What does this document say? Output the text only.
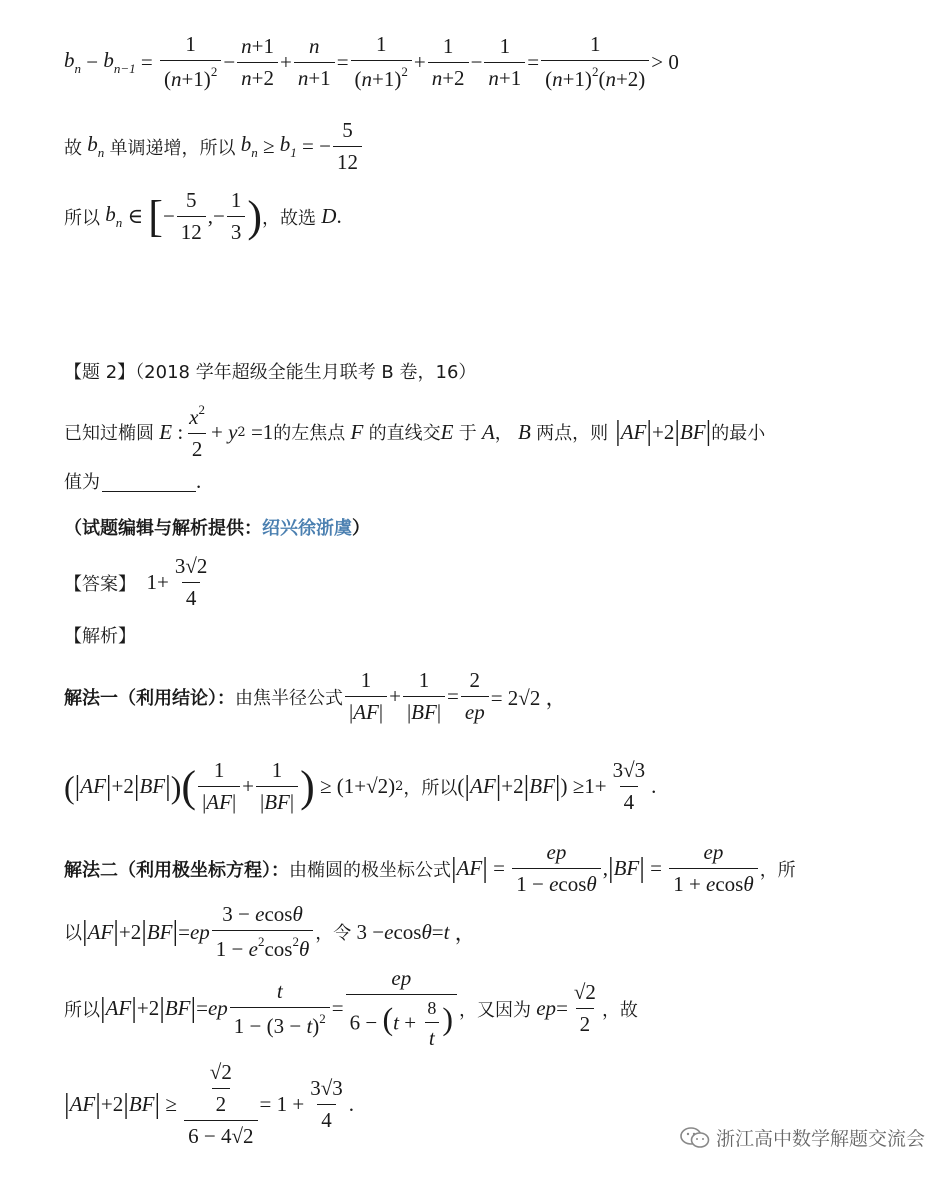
$b_n - b_{n-1} = \frac{1}{(n+1)^2} - \frac{n+1}{n+2} + \frac{n}{n+1} = \frac{1}{(n+1)^2} + \frac{1}{n+2} - \frac{1}{n+1} = \frac{1}{(n+1)^2(n+2)} > 0$
故 $b_n$ 单调递增，所以 $b_n \ge b_1$ = − $\frac{5}{12}$
所以 $b_n$ ∈ [ − $\frac{5}{12}$ ,− $\frac{1}{3}$ ) ，故选
D .
【题 2】（2018 学年超级全能生月联考 B 卷，16）
已知过椭圆 E : $\frac{x^2}{2} + y$ 2 =1 的左焦点 F 的直线交 E 于 A ， B 两点，则 | AF | +2 | BF | 的最小
值为	.
（试题编辑与解析提供： 绍兴徐浙虞 ）
【答案】 $1+ \frac{3√2}{4}$
【解析】
解法一（利用结论）： 由焦半径公式 $\frac{1}{|AF|} + \frac{1}{|BF|} = \frac{2}{ep} = 2√2$ ，
( | AF | +2 | BF | ) ( $\frac{1}{|AF|} + \frac{1}{|BF|}$ ) ≥ (1+√2) 2 ， 所以 ( | AF | +2 | BF | ) $\ge 1+ \frac{3√3}{4}$ .
解法二（利用极坐标方程）： 由椭圆的极坐标公式 | AF | = $\frac{ep}{1 - ecos\theta}$ , | BF | = $\frac{ep}{1 + ecos\theta}$ ，所
以 | AF | +2 | BF | = ep $\frac{3 - ecos\theta}{1 - e^2\cos^2\theta}$ ，令 3 − e cos θ = t ，
所以 | AF | +2 | BF | = ep $\frac{t}{1 - (3 - t)^2} = \frac{ep}{6 - (t + \frac{8}{t} )}$ ，又因为 ep = $\frac{√2}{2}$ ，故
| AF | +2 | BF | ≥ $\frac{\frac{√2}{2}}{6 - 4√2} = 1 + \frac{3√3}{4}$ .
浙江高中数学解题交流会
